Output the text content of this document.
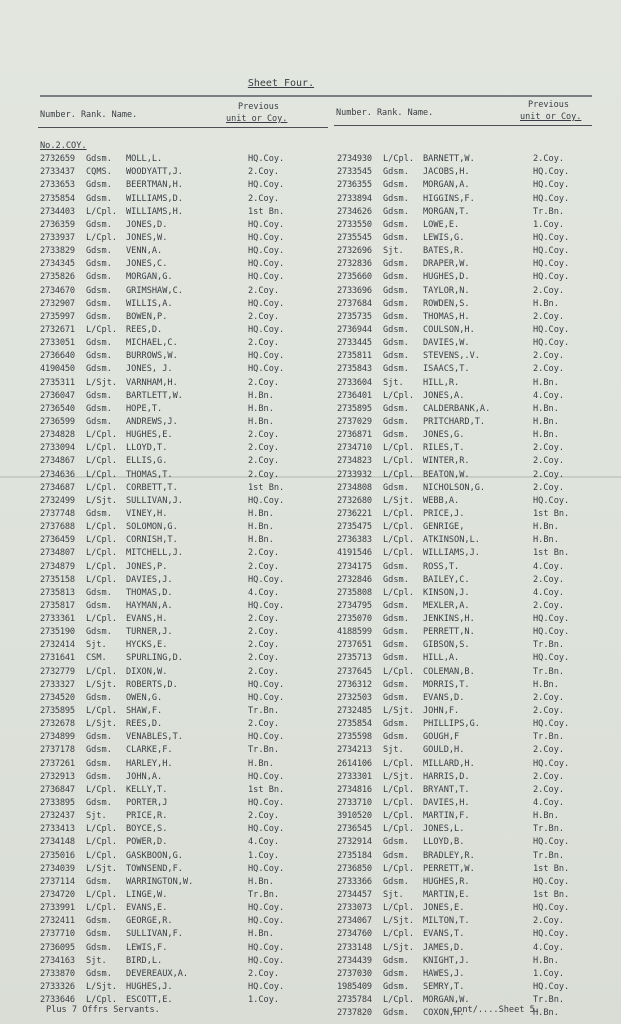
Sheet Four.
Number. Rank. Name.
Previous
unit or Coy.
Number. Rank. Name.
Previous
unit or Coy.
No.2.COY.
2732659 Gdsm. MOLL,L.	HQ.Coy.
2733437 CQMS. WOODYATT,J.	2.Coy.
2733653 Gdsm. BEERTMAN,H.	HQ.Coy.
2735854 Gdsm. WILLIAMS,D.	2.Coy.
2734403 L/Cpl. WILLIAMS,H.	1st Bn.
2736359 Gdsm. JONES,D.	HQ.Coy.
2733937 L/Cpl. JONES,W.	HQ.Coy.
2733829 Gdsm. VENN,A.	HQ.Coy.
2734345 Gdsm. JONES,C.	HQ.Coy.
2735826 Gdsm. MORGAN,G.	HQ.Coy.
2734670 Gdsm. GRIMSHAW,C.	2.Coy.
2732907 Gdsm. WILLIS,A.	HQ.Coy.
2735997 Gdsm. BOWEN,P.	2.Coy.
2732671 L/Cpl. REES,D.	HQ.Coy.
2733051 Gdsm. MICHAEL,C.	2.Coy.
2736640 Gdsm. BURROWS,W.	HQ.Coy.
4190450 Gdsm. JONES, J.	HQ.Coy.
2735311 L/Sjt. VARNHAM,H.	2.Coy.
2736047 Gdsm. BARTLETT,W.	H.Bn.
2736540 Gdsm. HOPE,T.	H.Bn.
2736599 Gdsm. ANDREWS,J.	H.Bn.
2734828 L/Cpl. HUGHES,E.	2.Coy.
2733094 L/Cpl. LLOYD,T.	2.Coy.
2734867 L/Cpl. ELLIS,G.	2.Coy.
2734636 L/Cpl. THOMAS,T.	2.Coy.
2734687 L/Cpl. CORBETT,T.	1st Bn.
2732499 L/Sjt. SULLIVAN,J.	HQ.Coy.
2737748 Gdsm. VINEY,H.	H.Bn.
2737688 L/Cpl. SOLOMON,G.	H.Bn.
2736459 L/Cpl. CORNISH,T.	H.Bn.
2734807 L/Cpl. MITCHELL,J.	2.Coy.
2734879 L/Cpl. JONES,P.	2.Coy.
2735158 L/Cpl. DAVIES,J.	HQ.Coy.
2735813 Gdsm. THOMAS,D.	4.Coy.
2735817 Gdsm. HAYMAN,A.	HQ.Coy.
2733361 L/Cpl. EVANS,H.	2.Coy.
2735190 Gdsm. TURNER,J.	2.Coy.
2732414 Sjt. HYCKS,E.	2.Coy.
2731641 CSM. SPURLING,D.	2.Coy.
2732779 L/Cpl. DIXON,W.	2.Coy.
2733327 L/Sjt. ROBERTS,D.	HQ.Coy.
2734520 Gdsm. OWEN,G.	HQ.Coy.
2735895 L/Cpl. SHAW,F.	Tr.Bn.
2732678 L/Sjt. REES,D.	2.Coy.
2734899 Gdsm. VENABLES,T.	HQ.Coy.
2737178 Gdsm. CLARKE,F.	Tr.Bn.
2737261 Gdsm. HARLEY,H.	H.Bn.
2732913 Gdsm. JOHN,A.	HQ.Coy.
2736847 L/Cpl. KELLY,T.	1st Bn.
2733895 Gdsm. PORTER,J	HQ.Coy.
2732437 Sjt. PRICE,R.	2.Coy.
2733413 L/Cpl. BOYCE,S.	HQ.Coy.
2734148 L/Cpl. POWER,D.	4.Coy.
2735016 L/Cpl. GASKBOON,G.	1.Coy.
2734039 L/Sjt. TOWNSEND,F.	HQ.Coy.
2737114 Gdsm. WARRINGTON,W.	H.Bn.
2734720 L/Cpl. LINGE,W.	Tr.Bn.
2733991 L/Cpl. EVANS,E.	HQ.Coy.
2732411 Gdsm. GEORGE,R.	HQ.Coy.
2737710 Gdsm. SULLIVAN,F.	H.Bn.
2736095 Gdsm. LEWIS,F.	HQ.Coy.
2734163 Sjt. BIRD,L.	HQ.Coy.
2733870 Gdsm. DEVEREAUX,A.	2.Coy.
2733326 L/Sjt. HUGHES,J.	HQ.Coy.
2733646 L/Cpl. ESCOTT,E.	1.Coy.
2734930 L/Cpl. BARNETT,W.	2.Coy.
2733545 Gdsm. JACOBS,H.	HQ.Coy.
2736355 Gdsm. MORGAN,A.	HQ.Coy.
2733894 Gdsm. HIGGINS,F.	HQ.Coy.
2734626 Gdsm. MORGAN,T.	Tr.Bn.
2733550 Gdsm. LOWE,E.	1.Coy.
2735545 Gdsm. LEWIS,G.	HQ.Coy.
2732696 Sjt. BATES,R.	HQ.Coy.
2732836 Gdsm. DRAPER,W.	HQ.Coy.
2735660 Gdsm. HUGHES,D.	HQ.Coy.
2733696 Gdsm. TAYLOR,N.	2.Coy.
2737684 Gdsm. ROWDEN,S.	H.Bn.
2735735 Gdsm. THOMAS,H.	2.Coy.
2736944 Gdsm. COULSON,H.	HQ.Coy.
2733445 Gdsm. DAVIES,W.	HQ.Coy.
2735811 Gdsm. STEVENS,.V.	2.Coy.
2735843 Gdsm. ISAACS,T.	2.Coy.
2733604 Sjt. HILL,R.	H.Bn.
2736401 L/Cpl. JONES,A.	4.Coy.
2735895 Gdsm. CALDERBANK,A.	H.Bn.
2737029 Gdsm. PRITCHARD,T.	H.Bn.
2736871 Gdsm. JONES,G.	H.Bn.
2734710 L/Cpl. RILES,T.	2.Coy.
2734823 L/Cpl. WINTER,R.	2.Coy.
2733932 L/Cpl. BEATON,W.	2.Coy.
2734808 Gdsm. NICHOLSON,G.	2.Coy.
2732680 L/Sjt. WEBB,A.	HQ.Coy.
2736221 L/Cpl. PRICE,J.	1st Bn.
2735475 L/Cpl. GENRIGE,	H.Bn.
2736383 L/Cpl. ATKINSON,L.	H.Bn.
4191546 L/Cpl. WILLIAMS,J.	1st Bn.
2734175 Gdsm. ROSS,T.	4.Coy.
2732846 Gdsm. BAILEY,C.	2.Coy.
2735808 L/Cpl. KINSON,J.	4.Coy.
2734795 Gdsm. MEXLER,A.	2.Coy.
2735070 Gdsm. JENKINS,H.	HQ.Coy.
4188599 Gdsm. PERRETT,N.	HQ.Coy.
2737651 Gdsm. GIBSON,S.	Tr.Bn.
2735713 Gdsm. HILL,A.	HQ.Coy.
2737645 L/Cpl. COLEMAN,B.	Tr.Bn.
2736312 Gdsm. MORRIS,T.	H.Bn.
2732503 Gdsm. EVANS,D.	2.Coy.
2732485 L/Sjt. JOHN,F.	2.Coy.
2735854 Gdsm. PHILLIPS,G.	HQ.Coy.
2735598 Gdsm. GOUGH,F	Tr.Bn.
2734213 Sjt. GOULD,H.	2.Coy.
2614106 L/Cpl. MILLARD,H.	HQ.Coy.
2733301 L/Sjt. HARRIS,D.	2.Coy.
2734816 L/Cpl. BRYANT,T.	2.Coy.
2733710 L/Cpl. DAVIES,H.	4.Coy.
3910520 L/Cpl. MARTIN,F.	H.Bn.
2736545 L/Cpl. JONES,L.	Tr.Bn.
2732914 Gdsm. LLOYD,B.	HQ.Coy.
2735184 Gdsm. BRADLEY,R.	Tr.Bn.
2736850 L/Cpl. PERRETT,W.	1st Bn.
2733366 Gdsm. HUGHES,R.	HQ.Coy.
2734457 Sjt. MARTIN,E.	1st Bn.
2733073 L/Cpl. JONES,E.	HQ.Coy.
2734067 L/Sjt. MILTON,T.	2.Coy.
2734760 L/Cpl. EVANS,T.	HQ.Coy.
2733148 L/Sjt. JAMES,D.	4.Coy.
2734439 Gdsm. KNIGHT,J.	H.Bn.
2737030 Gdsm. HAWES,J.	1.Coy.
1985409 Gdsm. SEMRY,T.	HQ.Coy.
2735784 L/Cpl. MORGAN,W.	Tr.Bn.
2737820 Gdsm. COXON,H.	H.Bn.
Plus 7 Offrs Servants.	cont/....Sheet 5.
